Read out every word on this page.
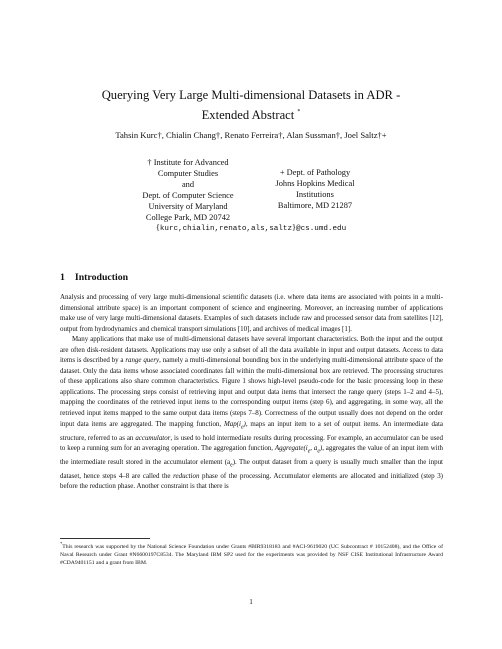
Querying Very Large Multi-dimensional Datasets in ADR -
Extended Abstract *
Tahsin Kurc†, Chialin Chang†, Renato Ferreira†, Alan Sussman†, Joel Saltz†+
† Institute for Advanced
Computer Studies
and
Dept. of Computer Science
University of Maryland
College Park, MD 20742
+ Dept. of Pathology
Johns Hopkins Medical
Institutions
Baltimore, MD 21287
{kurc,chialin,renato,als,saltz}@cs.umd.edu
1 Introduction

Analysis and processing of very large multi-dimensional scientific datasets (i.e. where data items are associated with points in a multi-dimensional attribute space) is an important component of science and engineering. Moreover, an increasing number of applications make use of very large multi-dimensional datasets. Examples of such datasets include raw and processed sensor data from satellites [12], output from hydrodynamics and chemical transport simulations [10], and archives of medical images [1].

Many applications that make use of multi-dimensional datasets have several important characteristics. Both the input and the output are often disk-resident datasets. Applications may use only a subset of all the data available in input and output datasets. Access to data items is described by a range query, namely a multi-dimensional bounding box in the underlying multi-dimensional attribute space of the dataset. Only the data items whose associated coordinates fall within the multi-dimensional box are retrieved. The processing structures of these applications also share common characteristics. Figure 1 shows high-level pseudo-code for the basic processing loop in these applications. The processing steps consist of retrieving input and output data items that intersect the range query (steps 1–2 and 4–5), mapping the coordinates of the retrieved input items to the corresponding output items (step 6), and aggregating, in some way, all the retrieved input items mapped to the same output data items (steps 7–8). Correctness of the output usually does not depend on the order input data items are aggregated. The mapping function, $Map(i_e)$, maps an input item to a set of output items. An intermediate data structure, referred to as an accumulator, is used to hold intermediate results during processing. For example, an accumulator can be used to keep a running sum for an averaging operation. The aggregation function, $Aggregate(i_e$, $a_e$), aggregates the value of an input item with the intermediate result stored in the accumulator element $(a_e)$. The output dataset from a query is usually much smaller than the input dataset, hence steps 4–8 are called the reduction phase of the processing. Accumulator elements are allocated and initialized (step 3) before the reduction phase. Another constraint is that there is

*This research was supported by the National Science Foundation under Grants #BIR9318183 and #ACI-9619020 (UC Subcontract # 10152408), and the Office of Naval Research under Grant #N6600197C8534. The Maryland IBM SP2 used for the experiments was provided by NSF CISE Institutional Infrastructure Award #CDA9401151 and a grant from IBM.
1
